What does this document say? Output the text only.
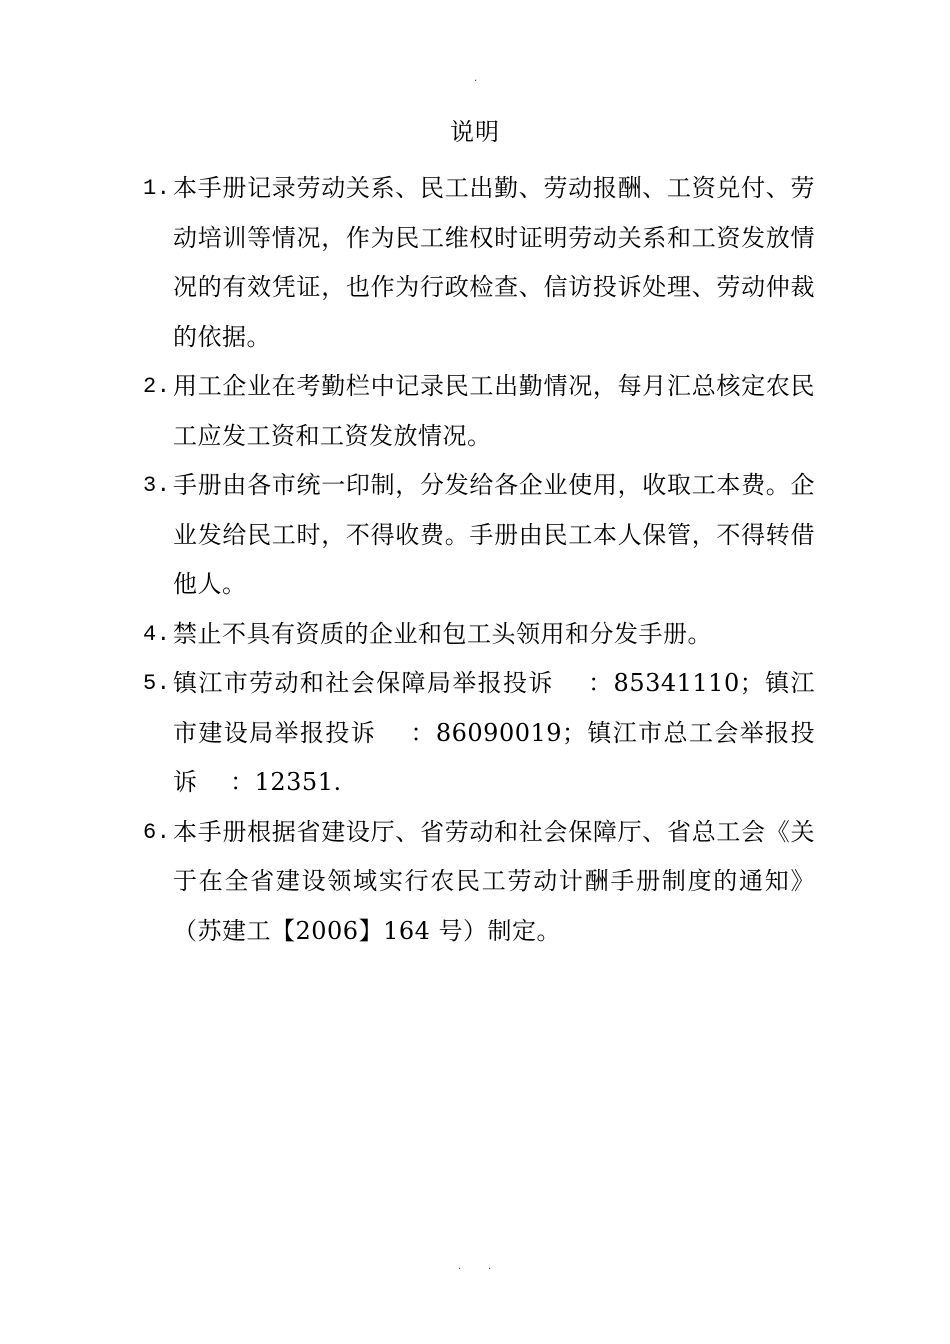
.
说明
1. 本手册记录劳动关系、民工出勤、劳动报酬、工资兑付、劳动培训等情况，作为民工维权时证明劳动关系和工资发放情况的有效凭证，也作为行政检查、信访投诉处理、劳动仲裁的依据。
2. 用工企业在考勤栏中记录民工出勤情况，每月汇总核定农民工应发工资和工资发放情况。
3. 手册由各市统一印制，分发给各企业使用，收取工本费。企业发给民工时，不得收费。手册由民工本人保管，不得转借他人。
4. 禁止不具有资质的企业和包工头领用和分发手册。
5. 镇江市劳动和社会保障局举报投诉　 ：85341110；镇江市建设局举报投诉　 ：86090019；镇江市总工会举报投诉　 ：12351.
6. 本手册根据省建设厅、省劳动和社会保障厅、省总工会《关于在全省建设领域实行农民工劳动计酬手册制度的通知》（苏建工【2006】164 号）制定。
.	.
